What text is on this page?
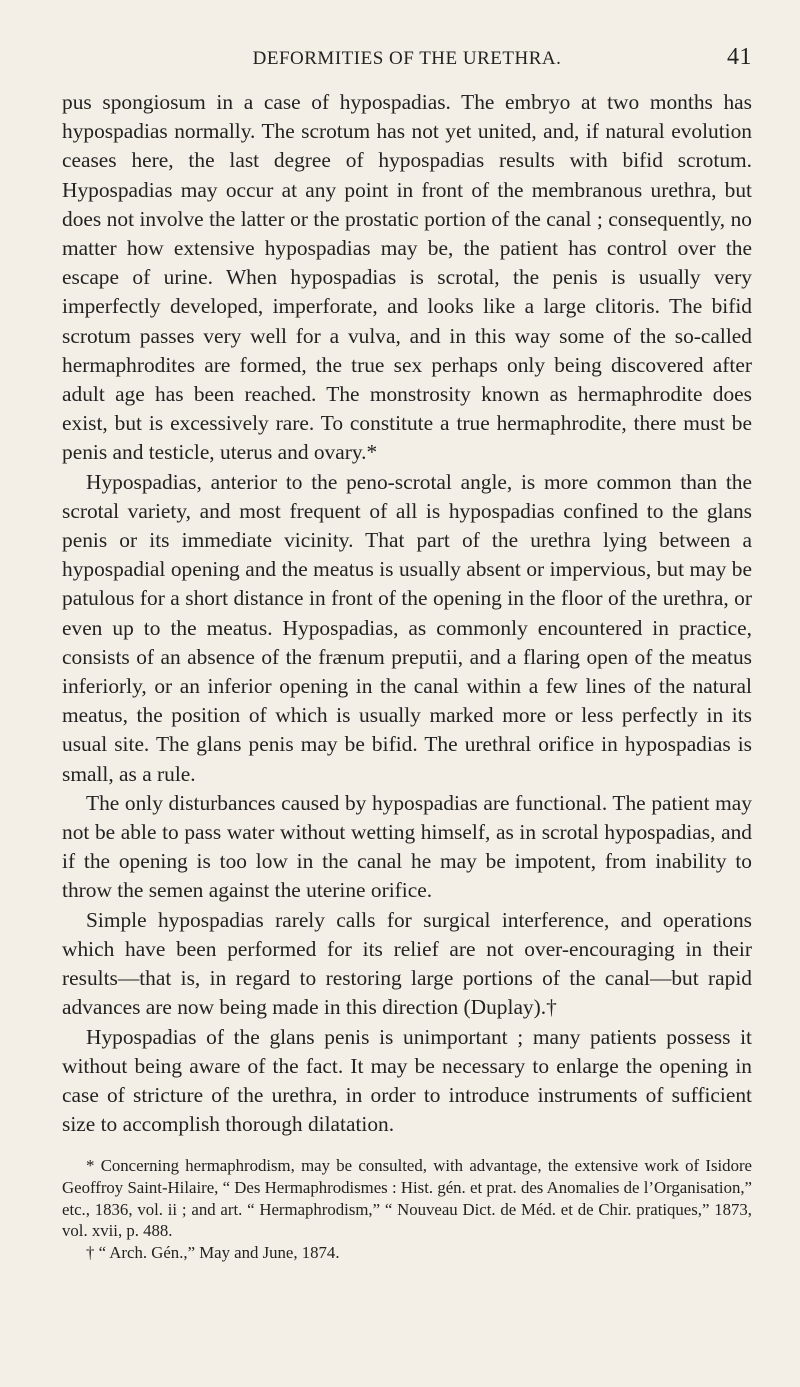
DEFORMITIES OF THE URETHRA.	41

pus spongiosum in a case of hypospadias. The embryo at two months has hypospadias normally. The scrotum has not yet united, and, if natural evolution ceases here, the last degree of hypospadias results with bifid scrotum. Hypospadias may occur at any point in front of the membranous urethra, but does not involve the latter or the prostatic portion of the canal ; consequently, no matter how extensive hypospadias may be, the patient has control over the escape of urine. When hypospadias is scrotal, the penis is usually very imperfectly developed, imperforate, and looks like a large clitoris. The bifid scrotum passes very well for a vulva, and in this way some of the so-called hermaphrodites are formed, the true sex perhaps only being discovered after adult age has been reached. The monstrosity known as hermaphrodite does exist, but is excessively rare. To constitute a true hermaphrodite, there must be penis and testicle, uterus and ovary.*

Hypospadias, anterior to the peno-scrotal angle, is more common than the scrotal variety, and most frequent of all is hypospadias confined to the glans penis or its immediate vicinity. That part of the urethra lying between a hypospadial opening and the meatus is usually absent or impervious, but may be patulous for a short distance in front of the opening in the floor of the urethra, or even up to the meatus. Hypospadias, as commonly encountered in practice, consists of an absence of the frænum preputii, and a flaring open of the meatus inferiorly, or an inferior opening in the canal within a few lines of the natural meatus, the position of which is usually marked more or less perfectly in its usual site. The glans penis may be bifid. The urethral orifice in hypospadias is small, as a rule.

The only disturbances caused by hypospadias are functional. The patient may not be able to pass water without wetting himself, as in scrotal hypospadias, and if the opening is too low in the canal he may be impotent, from inability to throw the semen against the uterine orifice.

Simple hypospadias rarely calls for surgical interference, and operations which have been performed for its relief are not over-encouraging in their results—that is, in regard to restoring large portions of the canal—but rapid advances are now being made in this direction (Duplay).†

Hypospadias of the glans penis is unimportant ; many patients possess it without being aware of the fact. It may be necessary to enlarge the opening in case of stricture of the urethra, in order to introduce instruments of sufficient size to accomplish thorough dilatation.

* Concerning hermaphrodism, may be consulted, with advantage, the extensive work of Isidore Geoffroy Saint-Hilaire, “ Des Hermaphrodismes : Hist. gén. et prat. des Anomalies de l’Organisation,” etc., 1836, vol. ii ; and art. “ Hermaphrodism,” “ Nouveau Dict. de Méd. et de Chir. pratiques,” 1873, vol. xvii, p. 488.

† “ Arch. Gén.,” May and June, 1874.
